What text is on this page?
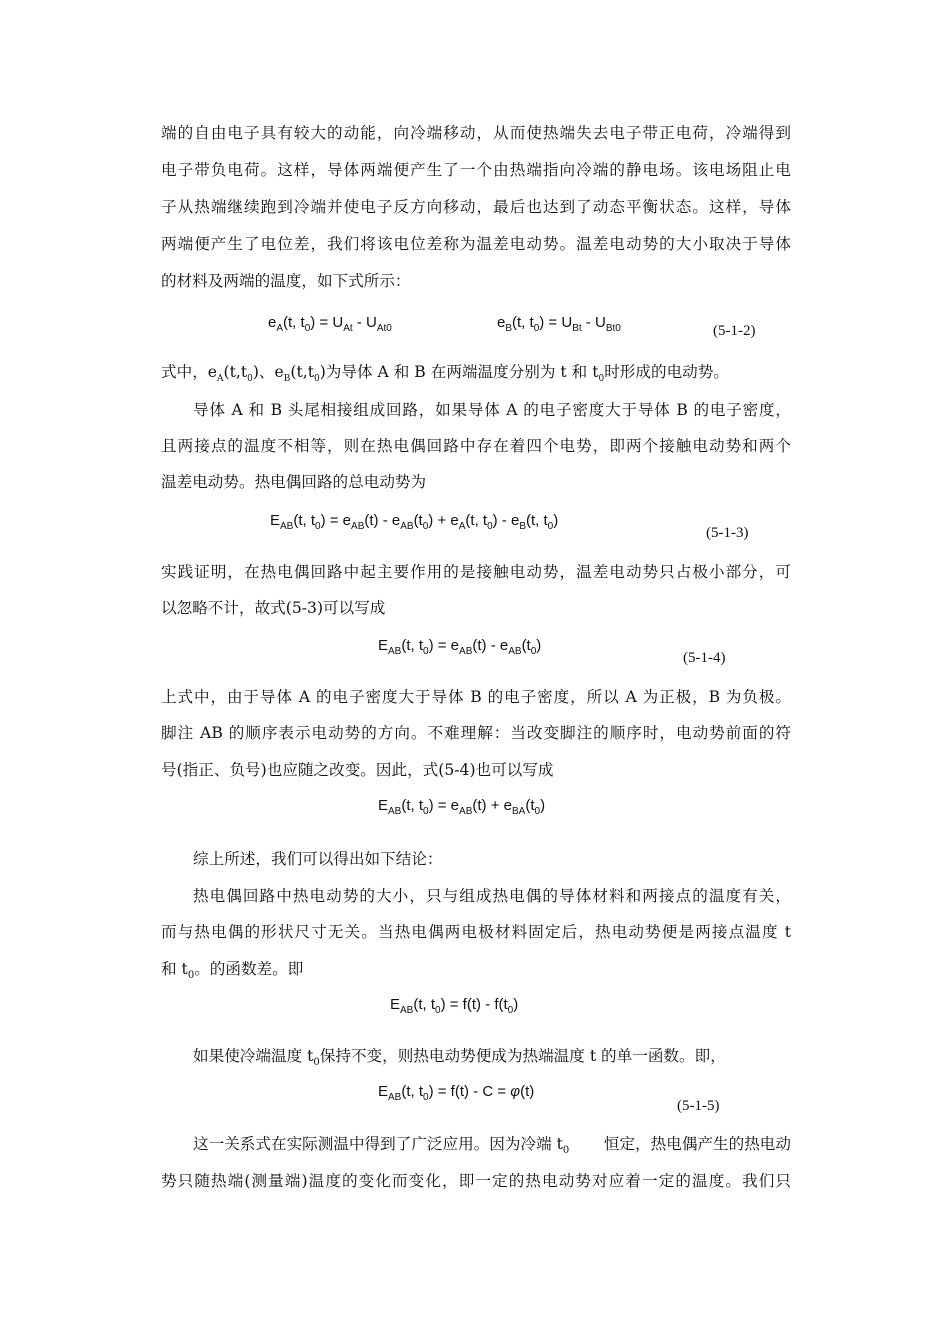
端的自由电子具有较大的动能，向冷端移动，从而使热端失去电子带正电荷，冷端得到
电子带负电荷。这样，导体两端便产生了一个由热端指向冷端的静电场。该电场阻止电
子从热端继续跑到冷端并使电子反方向移动，最后也达到了动态平衡状态。这样，导体
两端便产生了电位差，我们将该电位差称为温差电动势。温差电动势的大小取决于导体
的材料及两端的温度，如下式所示：
$e_A(t$, $t_0) = U_{At} - U_{At0}$	$e_B(t$, $t_0) = U_{Bt} - U_{Bt0}$	(5-1-2)
式中，$e_A(t,t_0)$、$e_B(t,t_0)$为导体 A 和 B 在两端温度分别为 t 和 $t_0$时形成的电动势。
导体 A 和 B 头尾相接组成回路，如果导体 A 的电子密度大于导体 B 的电子密度，
且两接点的温度不相等，则在热电偶回路中存在着四个电势，即两个接触电动势和两个
温差电动势。热电偶回路的总电动势为
$E_{AB}(t$, $t_0) = e_{AB}(t) - e_{AB}(t_0) + e_A(t$, $t_0) - e_B(t$, $t_0$)
(5-1-3)
实践证明，在热电偶回路中起主要作用的是接触电动势，温差电动势只占极小部分，可
以忽略不计，故式(5-3)可以写成
$E_{AB}(t$, $t_0) = e_{AB}(t) - e_{AB}(t_0)$
(5-1-4)
上式中，由于导体 A 的电子密度大于导体 B 的电子密度，所以 A 为正极，B 为负极。
脚注 AB 的顺序表示电动势的方向。不难理解：当改变脚注的顺序时，电动势前面的符
号(指正、负号)也应随之改变。因此，式(5-4)也可以写成
$E_{AB}(t$, $t_0) = e_{AB}(t) + e_{BA}(t_0)$
综上所述，我们可以得出如下结论：
热电偶回路中热电动势的大小，只与组成热电偶的导体材料和两接点的温度有关，
而与热电偶的形状尺寸无关。当热电偶两电极材料固定后，热电动势便是两接点温度 t
和 $t_0$。的函数差。即
$E_{AB}(t$, $t_0) = f(t) - f(t_0)$
如果使冷端温度 $t_0$保持不变，则热电动势便成为热端温度 t 的单一函数。即，
$E_{AB}(t$, $t_0) = f(t) - C = \varphi(t)$
(5-1-5)
这一关系式在实际测温中得到了广泛应用。因为冷端 $t_0$ 恒定，热电偶产生的热电动
势只随热端(测量端)温度的变化而变化，即一定的热电动势对应着一定的温度。我们只
